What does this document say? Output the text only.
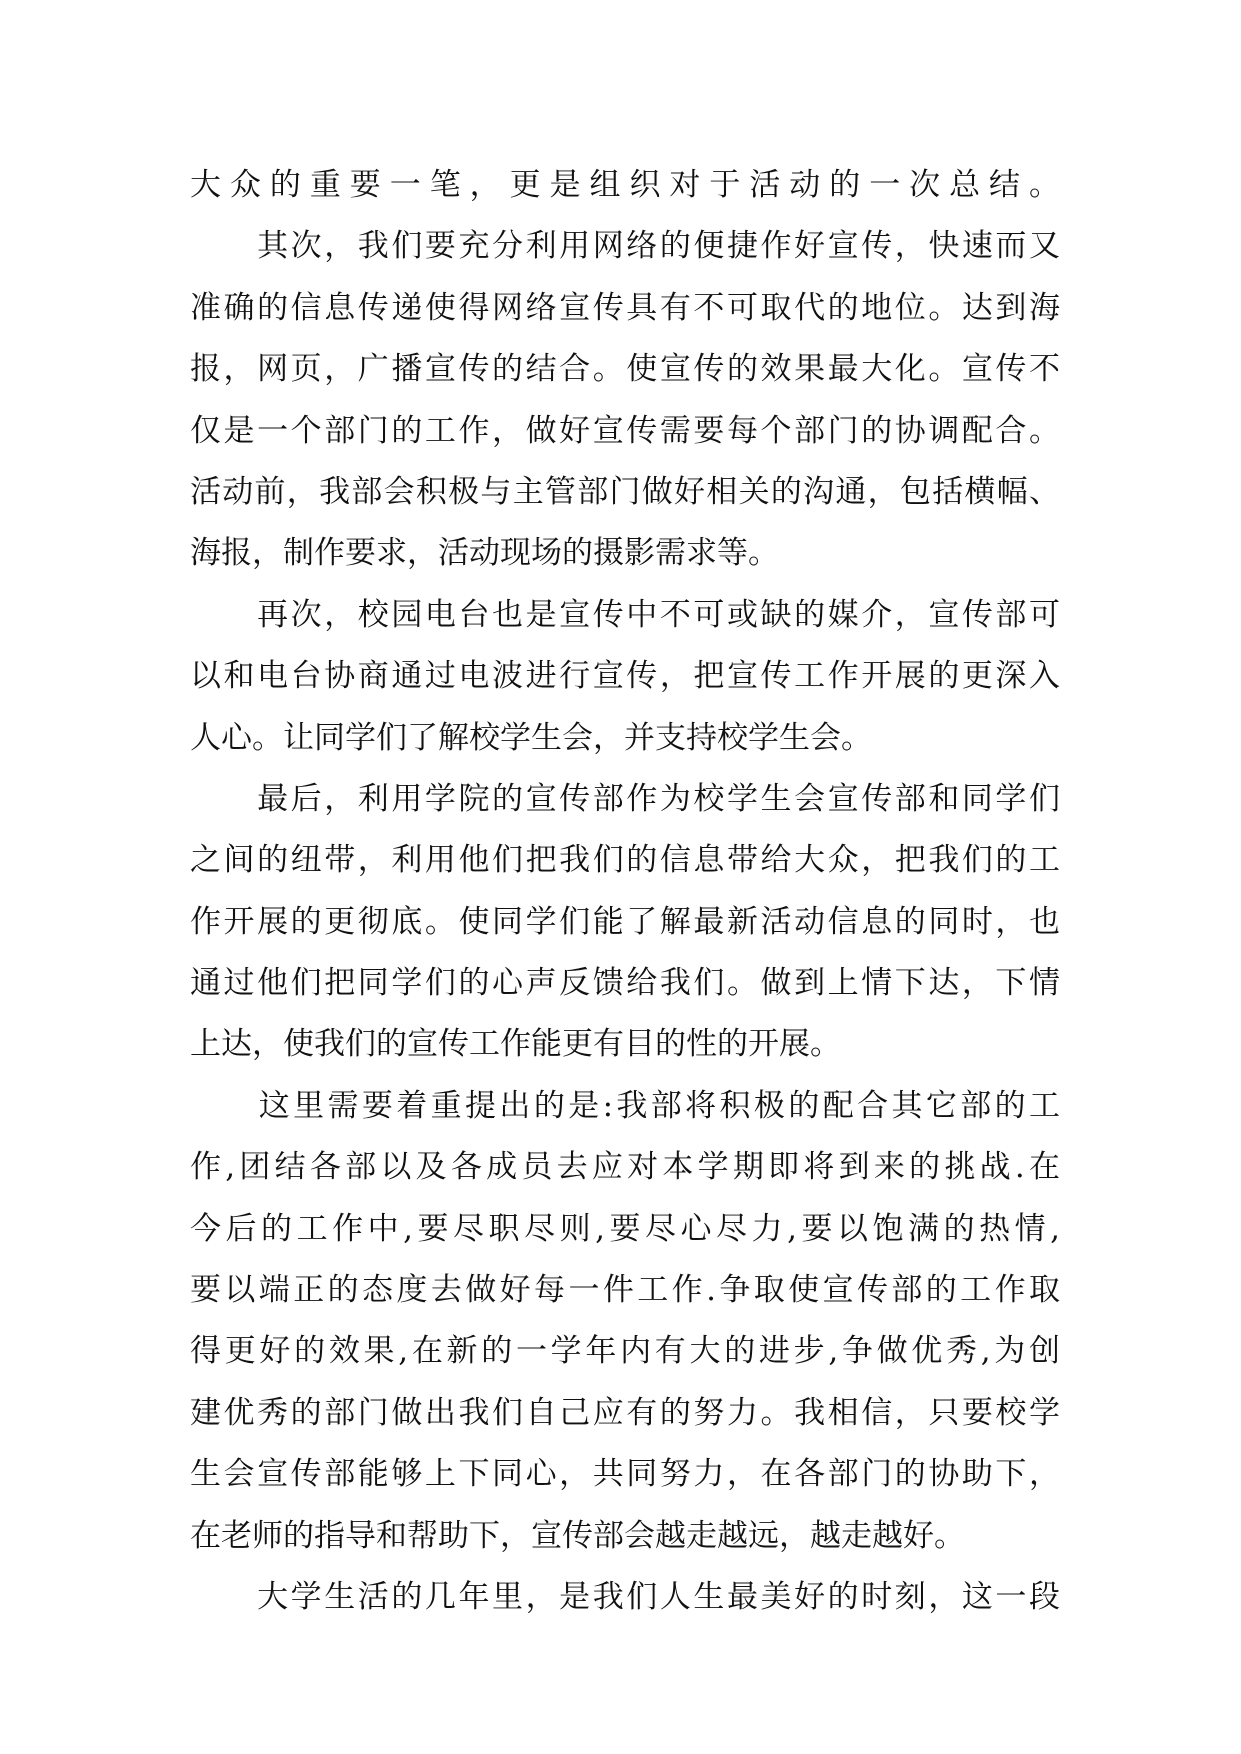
大众的重要一笔，更是组织对于活动的一次总结。
　　其次，我们要充分利用网络的便捷作好宣传，快速而又
准确的信息传递使得网络宣传具有不可取代的地位。达到海
报，网页，广播宣传的结合。使宣传的效果最大化。宣传不
仅是一个部门的工作，做好宣传需要每个部门的协调配合。
活动前，我部会积极与主管部门做好相关的沟通，包括横幅、
海报，制作要求，活动现场的摄影需求等。
　　再次，校园电台也是宣传中不可或缺的媒介，宣传部可
以和电台协商通过电波进行宣传，把宣传工作开展的更深入
人心。让同学们了解校学生会，并支持校学生会。
　　最后，利用学院的宣传部作为校学生会宣传部和同学们
之间的纽带，利用他们把我们的信息带给大众，把我们的工
作开展的更彻底。使同学们能了解最新活动信息的同时，也
通过他们把同学们的心声反馈给我们。做到上情下达，下情
上达，使我们的宣传工作能更有目的性的开展。
　　这里需要着重提出的是:我部将积极的配合其它部的工
作,团结各部以及各成员去应对本学期即将到来的挑战.在
今后的工作中,要尽职尽则,要尽心尽力,要以饱满的热情,
要以端正的态度去做好每一件工作.争取使宣传部的工作取
得更好的效果,在新的一学年内有大的进步,争做优秀,为创
建优秀的部门做出我们自己应有的努力。我相信，只要校学
生会宣传部能够上下同心，共同努力，在各部门的协助下，
在老师的指导和帮助下，宣传部会越走越远，越走越好。
　　大学生活的几年里，是我们人生最美好的时刻，这一段
